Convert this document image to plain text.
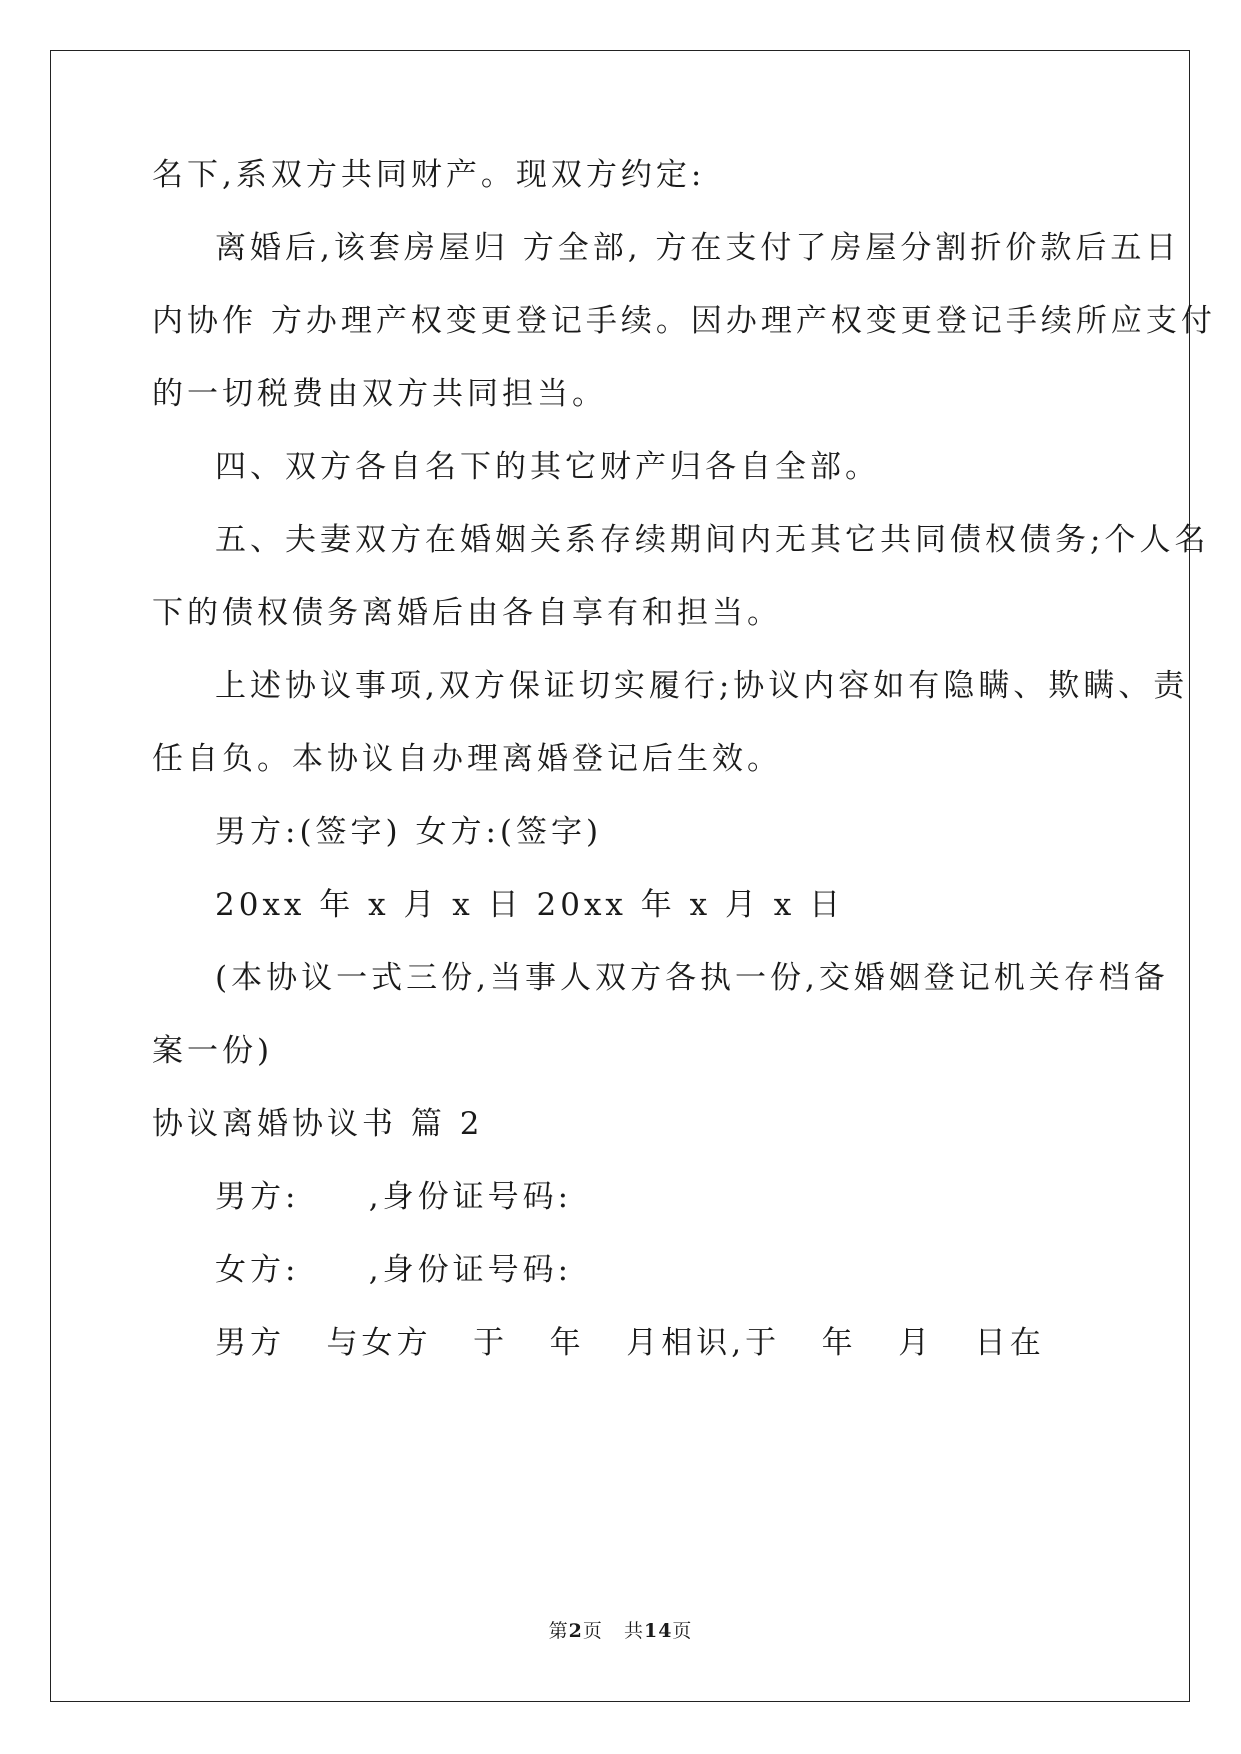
名下,系双方共同财产。现双方约定:
离婚后,该套房屋归 方全部, 方在支付了房屋分割折价款后五日
内协作 方办理产权变更登记手续。因办理产权变更登记手续所应支付
的一切税费由双方共同担当。
四、双方各自名下的其它财产归各自全部。
五、夫妻双方在婚姻关系存续期间内无其它共同债权债务;个人名
下的债权债务离婚后由各自享有和担当。
上述协议事项,双方保证切实履行;协议内容如有隐瞒、欺瞒、责
任自负。本协议自办理离婚登记后生效。
男方:(签字) 女方:(签字)
20xx 年 x 月 x 日 20xx 年 x 月 x 日
(本协议一式三份,当事人双方各执一份,交婚姻登记机关存档备
案一份)
协议离婚协议书 篇 2
男方:     ,身份证号码:
女方:     ,身份证号码:
男方   与女方   于   年   月相识,于   年   月   日在
第2页 共14页
